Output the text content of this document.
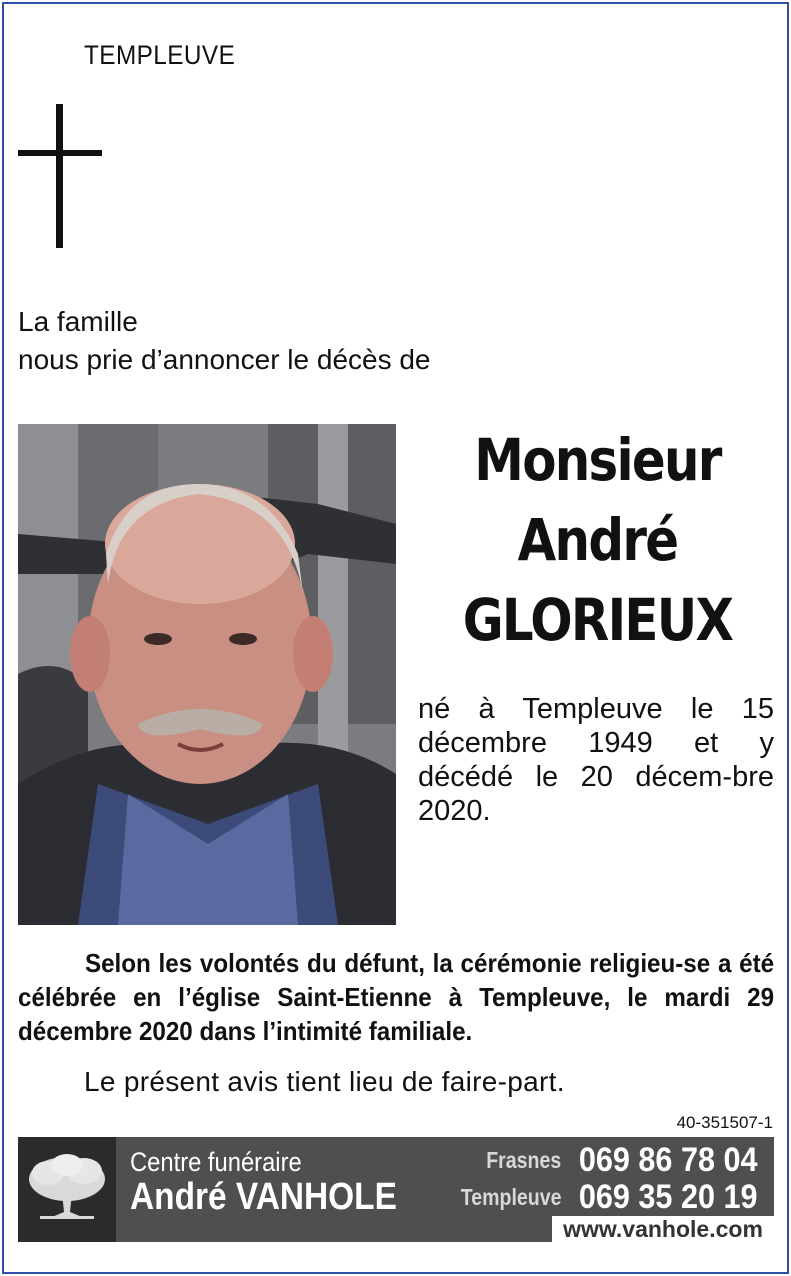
TEMPLEUVE
La famille
nous prie d’annoncer le décès de
Monsieur
André
GLORIEUX
né à Templeuve le 15 décembre 1949 et y décédé le 20 décem-bre 2020.

Selon les volontés du défunt, la cérémonie religieu-se a été célébrée en l’église Saint-Etienne à Templeuve, le mardi 29 décembre 2020 dans l’intimité familiale.

Le présent avis tient lieu de faire-part.
40-351507-1
Centre funéraire
André VANHOLE
Frasnes 069 86 78 04
Templeuve 069 35 20 19
www.vanhole.com
